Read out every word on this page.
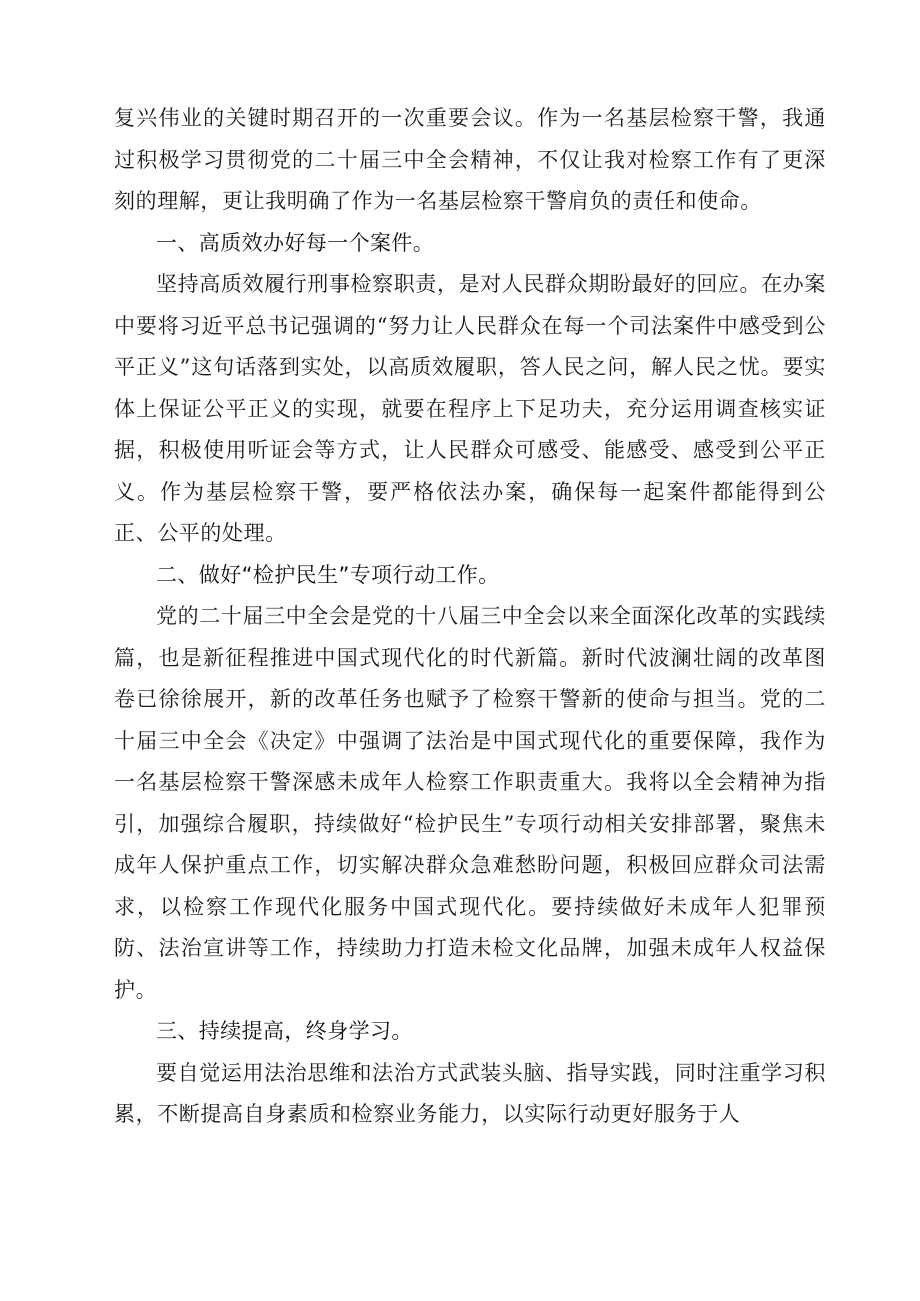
复兴伟业的关键时期召开的一次重要会议。作为一名基层检察干警，我通过积极学习贯彻党的二十届三中全会精神，不仅让我对检察工作有了更深刻的理解，更让我明确了作为一名基层检察干警肩负的责任和使命。

一、高质效办好每一个案件。

坚持高质效履行刑事检察职责，是对人民群众期盼最好的回应。在办案中要将习近平总书记强调的“努力让人民群众在每一个司法案件中感受到公平正义”这句话落到实处，以高质效履职，答人民之问，解人民之忧。要实体上保证公平正义的实现，就要在程序上下足功夫，充分运用调查核实证据，积极使用听证会等方式，让人民群众可感受、能感受、感受到公平正义。作为基层检察干警，要严格依法办案，确保每一起案件都能得到公正、公平的处理。

二、做好“检护民生”专项行动工作。

党的二十届三中全会是党的十八届三中全会以来全面深化改革的实践续篇，也是新征程推进中国式现代化的时代新篇。新时代波澜壮阔的改革图卷已徐徐展开，新的改革任务也赋予了检察干警新的使命与担当。党的二十届三中全会《决定》中强调了法治是中国式现代化的重要保障，我作为一名基层检察干警深感未成年人检察工作职责重大。我将以全会精神为指引，加强综合履职，持续做好“检护民生”专项行动相关安排部署，聚焦未成年人保护重点工作，切实解决群众急难愁盼问题，积极回应群众司法需求，以检察工作现代化服务中国式现代化。要持续做好未成年人犯罪预防、法治宣讲等工作，持续助力打造未检文化品牌，加强未成年人权益保护。

三、持续提高，终身学习。

要自觉运用法治思维和法治方式武装头脑、指导实践，同时注重学习积累，不断提高自身素质和检察业务能力，以实际行动更好服务于人
